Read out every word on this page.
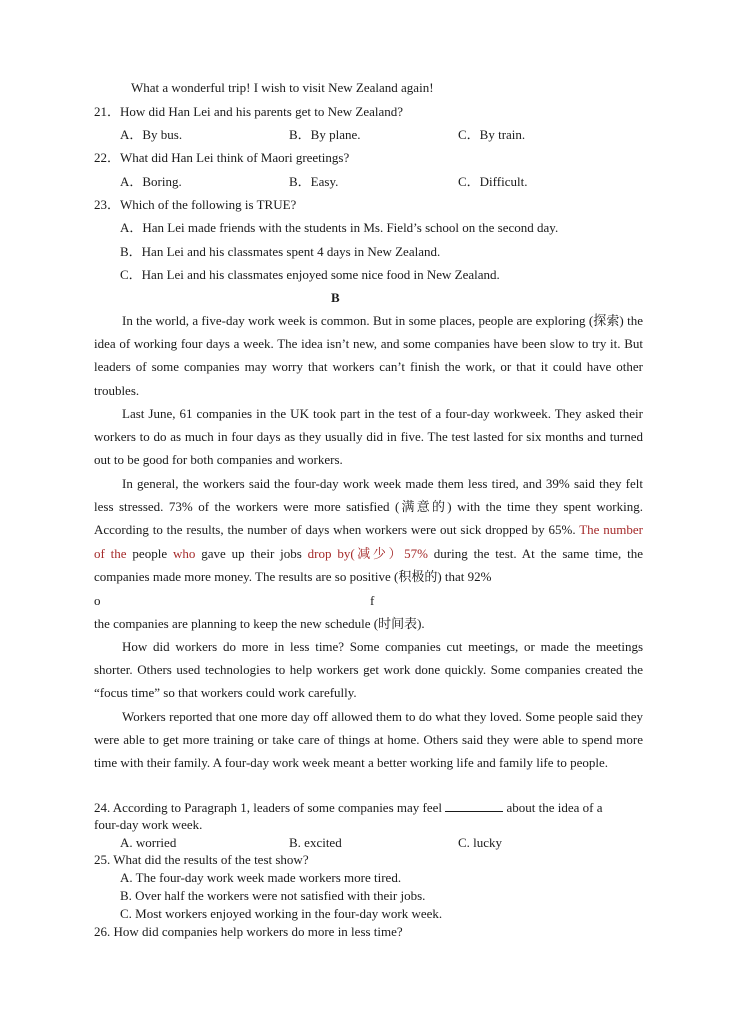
What a wonderful trip! I wish to visit New Zealand again!
21．How did Han Lei and his parents get to New Zealand?
A．By bus.	B．By plane.	C．By train.
22．What did Han Lei think of Maori greetings?
A．Boring.	B．Easy.	C．Difficult.
23．Which of the following is TRUE?
A．Han Lei made friends with the students in Ms. Field’s school on the second day.
B．Han Lei and his classmates spent 4 days in New Zealand.
C．Han Lei and his classmates enjoyed some nice food in New Zealand.
B
In the world, a five-day work week is common. But in some places, people are exploring (探索) the idea of working four days a week. The idea isn’t new, and some companies have been slow to try it. But leaders of some companies may worry that workers can’t finish the work, or that it could have other troubles.
Last June, 61 companies in the UK took part in the test of a four-day workweek. They asked their workers to do as much in four days as they usually did in five. The test lasted for six months and turned out to be good for both companies and workers.
In general, the workers said the four-day work week made them less tired, and 39% said they felt less stressed. 73% of the workers were more satisfied (满意的) with the time they spent working. According to the results, the number of days when workers were out sick dropped by 65%. The number of the people who gave up their jobs drop by(减少）57% during the test. At the same time, the companies made more money. The results are so positive (积极的) that 92%
o	f
the companies are planning to keep the new schedule (时间表).
How did workers do more in less time? Some companies cut meetings, or made the meetings shorter. Others used technologies to help workers get work done quickly. Some companies created the “focus time” so that workers could work carefully.
Workers reported that one more day off allowed them to do what they loved. Some people said they were able to get more training or take care of things at home. Others said they were able to spend more time with their family. A four-day work week meant a better working life and family life to people.
24. According to Paragraph 1, leaders of some companies may feel	about the idea of a
four-day work week.
A. worried	B. excited	C. lucky
25. What did the results of the test show?
A. The four-day work week made workers more tired.
B. Over half the workers were not satisfied with their jobs.
C. Most workers enjoyed working in the four-day work week.
26. How did companies help workers do more in less time?
